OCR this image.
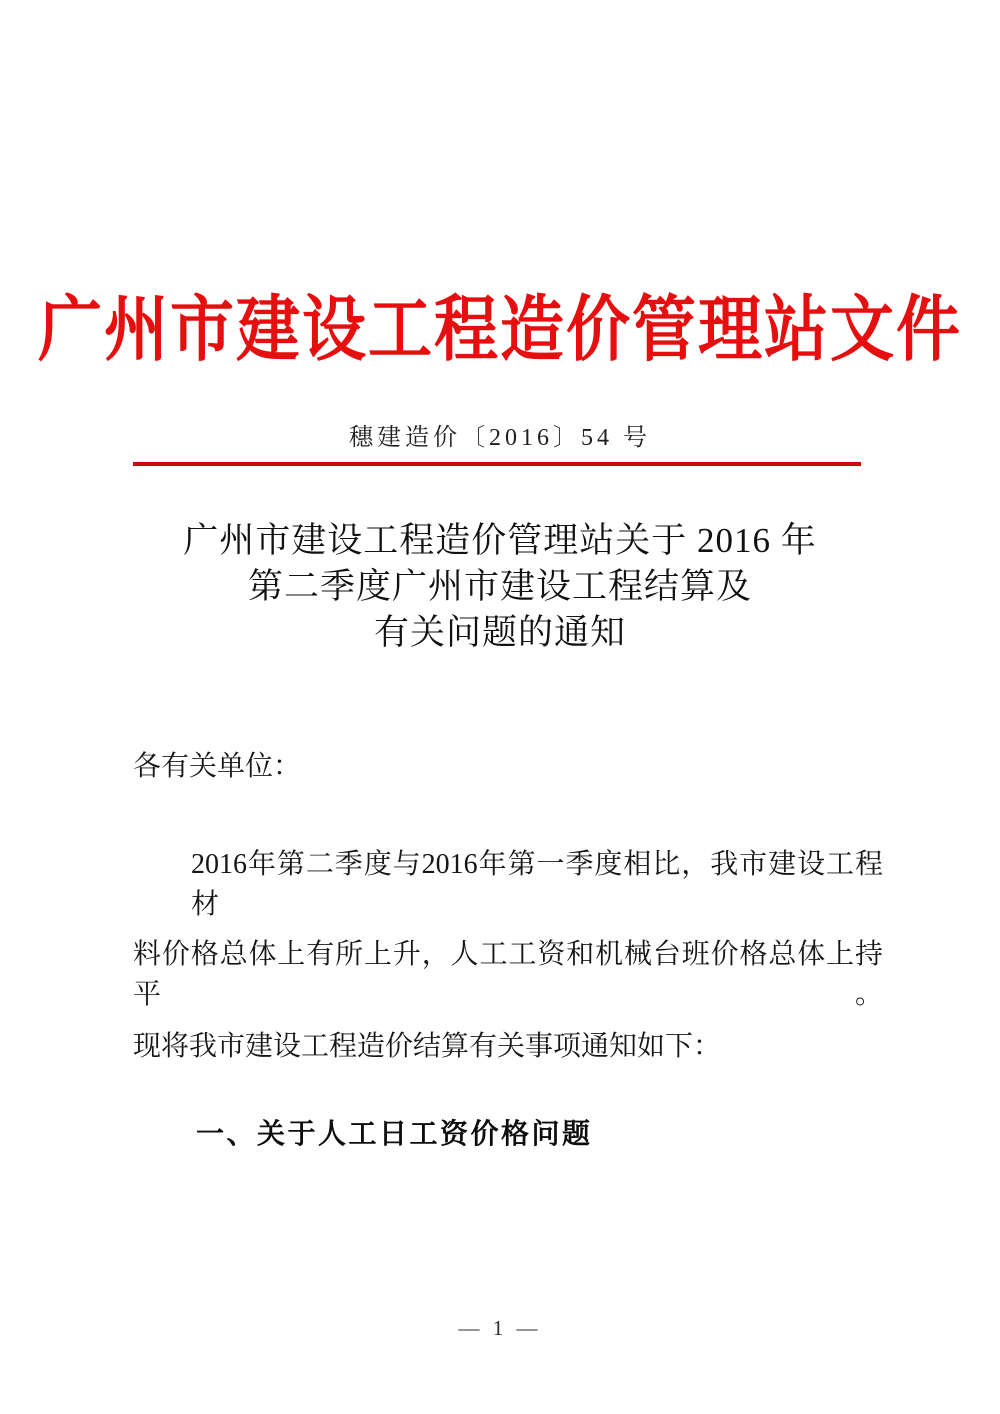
广州市建设工程造价管理站文件
穗建造价〔2016〕54 号
广州市建设工程造价管理站关于 2016 年
第二季度广州市建设工程结算及
有关问题的通知
各有关单位：
2016年第二季度与2016年第一季度相比，我市建设工程材
料价格总体上有所上升，人工工资和机械台班价格总体上持平。
现将我市建设工程造价结算有关事项通知如下：
一、关于人工日工资价格问题
— 1 —
